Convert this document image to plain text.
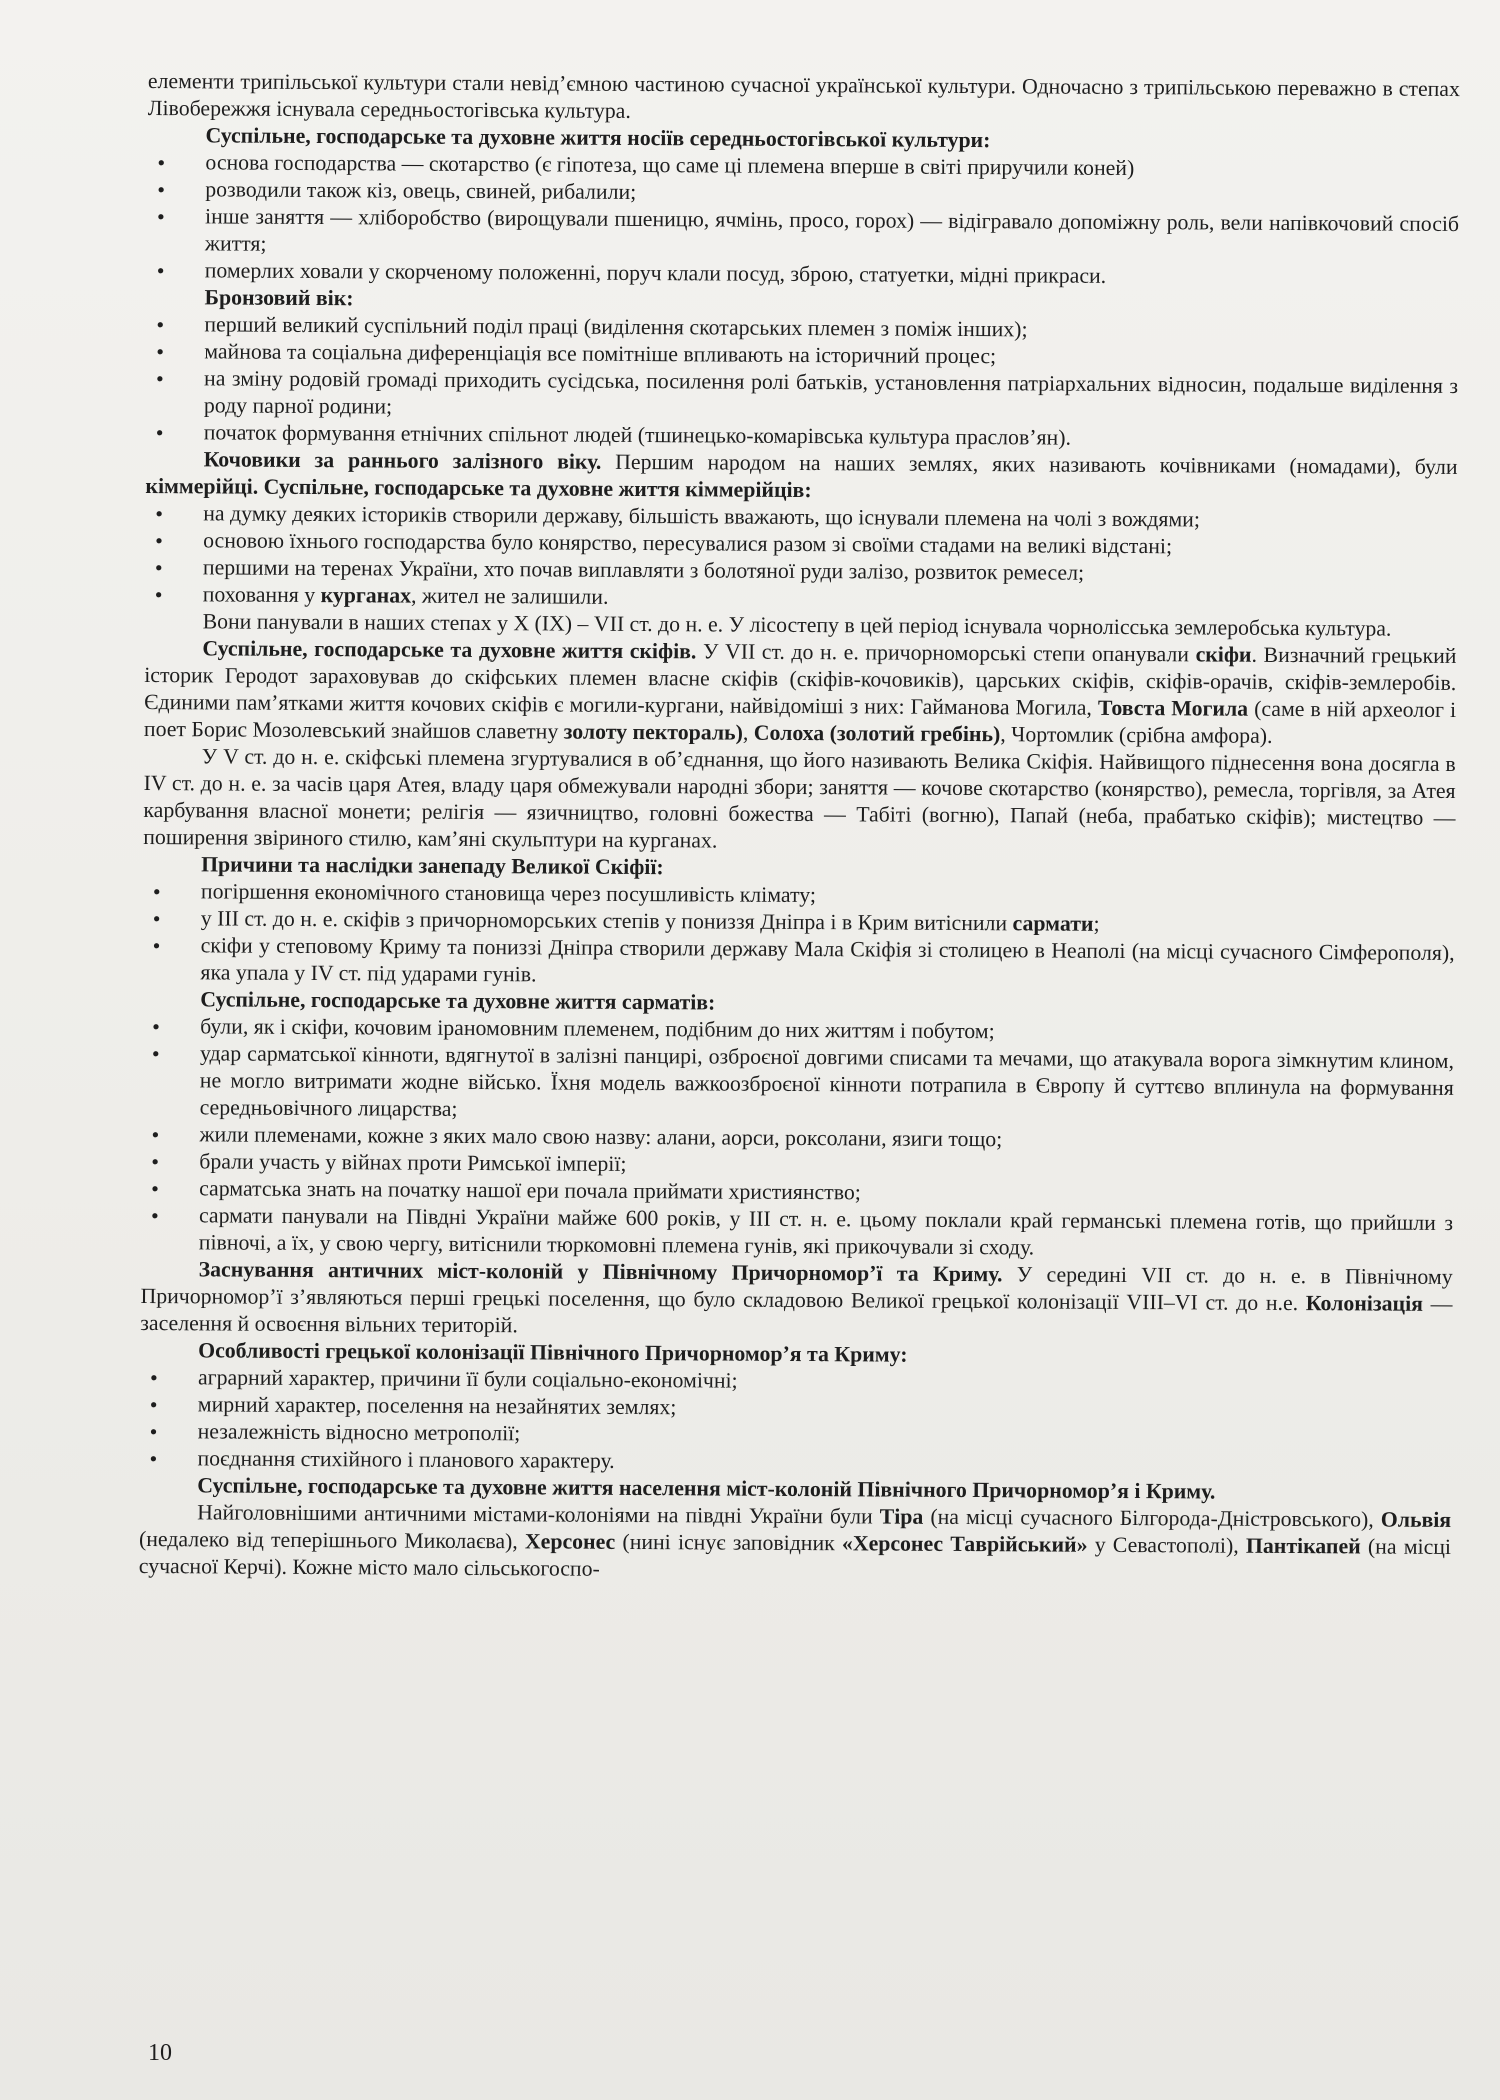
елементи трипільської культури стали невід’ємною частиною сучасної української культури. Одночасно з трипільською переважно в степах Лівобережжя існувала середньостогівська культура.

Суспільне, господарське та духовне життя носіїв середньостогівської культури:

• основа господарства — скотарство (є гіпотеза, що саме ці племена вперше в світі приручили коней)
• розводили також кіз, овець, свиней, рибалили;
• інше заняття — хліборобство (вирощували пшеницю, ячмінь, просо, горох) — відігравало допоміжну роль, вели напівкочовий спосіб життя;
• померлих ховали у скорченому положенні, поруч клали посуд, зброю, статуетки, мідні прикраси.

Бронзовий вік:

• перший великий суспільний поділ праці (виділення скотарських племен з поміж інших);
• майнова та соціальна диференціація все помітніше впливають на історичний процес;
• на зміну родовій громаді приходить сусідська, посилення ролі батьків, установлення патріархальних відносин, подальше виділення з роду парної родини;
• початок формування етнічних спільнот людей (тшинецько-комарівська культура праслов’ян).

Кочовики за раннього залізного віку. Першим народом на наших землях, яких називають кочівниками (номадами), були кіммерійці. Суспільне, господарське та духовне життя кіммерійців:

• на думку деяких істориків створили державу, більшість вважають, що існували племена на чолі з вождями;
• основою їхнього господарства було конярство, пересувалися разом зі своїми стадами на великі відстані;
• першими на теренах України, хто почав виплавляти з болотяної руди залізо, розвиток ремесел;
• поховання у курганах, жител не залишили.

Вони панували в наших степах у Х (ІХ) – VII ст. до н. е. У лісостепу в цей період існувала чорнолісська землеробська культура.

Суспільне, господарське та духовне життя скіфів. У VII ст. до н. е. причорноморські степи опанували скіфи. Визначний грецький історик Геродот зараховував до скіфських племен власне скіфів (скіфів-кочовиків), царських скіфів, скіфів-орачів, скіфів-землеробів. Єдиними пам’ятками життя кочових скіфів є могили-кургани, найвідоміші з них: Гайманова Могила, Товста Могила (саме в ній археолог і поет Борис Мозолевський знайшов славетну золоту пектораль), Солоха (золотий гребінь), Чортомлик (срібна амфора).

У V ст. до н. е. скіфські племена згуртувалися в об’єднання, що його називають Велика Скіфія. Найвищого піднесення вона досягла в IV ст. до н. е. за часів царя Атея, владу царя обмежували народні збори; заняття — кочове скотарство (конярство), ремесла, торгівля, за Атея карбування власної монети; релігія — язичництво, головні божества — Табіті (вогню), Папай (неба, прабатько скіфів); мистецтво — поширення звіриного стилю, кам’яні скульптури на курганах.

Причини та наслідки занепаду Великої Скіфії:

• погіршення економічного становища через посушливість клімату;
• у ІІІ ст. до н. е. скіфів з причорноморських степів у пониззя Дніпра і в Крим витіснили сармати;
• скіфи у степовому Криму та пониззі Дніпра створили державу Мала Скіфія зі столицею в Неаполі (на місці сучасного Сімферополя), яка упала у IV ст. під ударами гунів.

Суспільне, господарське та духовне життя сарматів:

• були, як і скіфи, кочовим іраномовним племенем, подібним до них життям і побутом;
• удар сарматської кінноти, вдягнутої в залізні панцирі, озброєної довгими списами та мечами, що атакувала ворога зімкнутим клином, не могло витримати жодне військо. Їхня модель важкоозброєної кінноти потрапила в Європу й суттєво вплинула на формування середньовічного лицарства;
• жили племенами, кожне з яких мало свою назву: алани, аорси, роксолани, язиги тощо;
• брали участь у війнах проти Римської імперії;
• сарматська знать на початку нашої ери почала приймати християнство;
• сармати панували на Півдні України майже 600 років, у ІІІ ст. н. е. цьому поклали край германські племена готів, що прийшли з півночі, а їх, у свою чергу, витіснили тюркомовні племена гунів, які прикочували зі сходу.

Заснування античних міст-колоній у Північному Причорномор’ї та Криму. У середині VII ст. до н. е. в Північному Причорномор’ї з’являються перші грецькі поселення, що було складовою Великої грецької колонізації VIII–VI ст. до н.е. Колонізація — заселення й освоєння вільних територій.

Особливості грецької колонізації Північного Причорномор’я та Криму:

• аграрний характер, причини її були соціально-економічні;
• мирний характер, поселення на незайнятих землях;
• незалежність відносно метрополії;
• поєднання стихійного і планового характеру.

Суспільне, господарське та духовне життя населення міст-колоній Північного Причорномор’я і Криму.

Найголовнішими античними містами-колоніями на півдні України були Тіра (на місці сучасного Білгорода-Дністровського), Ольвія (недалеко від теперішнього Миколаєва), Херсонес (нині існує заповідник «Херсонес Таврійський» у Севастополі), Пантікапей (на місці сучасної Керчі). Кожне місто мало сільськогоспо-

10
